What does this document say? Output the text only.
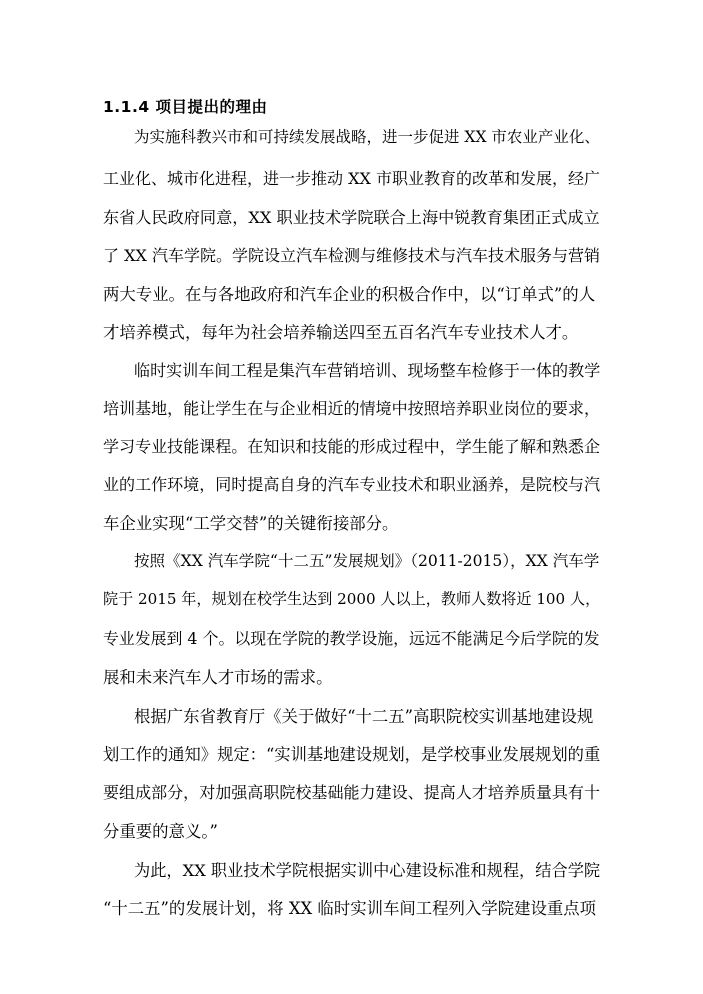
1.1.4 项目提出的理由
为实施科教兴市和可持续发展战略，进一步促进 XX 市农业产业化、
工业化、城市化进程，进一步推动 XX 市职业教育的改革和发展，经广
东省人民政府同意，XX 职业技术学院联合上海中锐教育集团正式成立
了 XX 汽车学院。学院设立汽车检测与维修技术与汽车技术服务与营销
两大专业。在与各地政府和汽车企业的积极合作中，以“订单式”的人
才培养模式，每年为社会培养输送四至五百名汽车专业技术人才。
临时实训车间工程是集汽车营销培训、现场整车检修于一体的教学
培训基地，能让学生在与企业相近的情境中按照培养职业岗位的要求，
学习专业技能课程。在知识和技能的形成过程中，学生能了解和熟悉企
业的工作环境，同时提高自身的汽车专业技术和职业涵养，是院校与汽
车企业实现“工学交替”的关键衔接部分。
按照《XX 汽车学院“十二五”发展规划》（2011-2015），XX 汽车学
院于 2015 年，规划在校学生达到 2000 人以上，教师人数将近 100 人，
专业发展到 4 个。以现在学院的教学设施，远远不能满足今后学院的发
展和未来汽车人才市场的需求。
根据广东省教育厅《关于做好“十二五”高职院校实训基地建设规
划工作的通知》规定：“实训基地建设规划，是学校事业发展规划的重
要组成部分，对加强高职院校基础能力建设、提高人才培养质量具有十
分重要的意义。”
为此，XX 职业技术学院根据实训中心建设标准和规程，结合学院
“十二五”的发展计划，将 XX 临时实训车间工程列入学院建设重点项
